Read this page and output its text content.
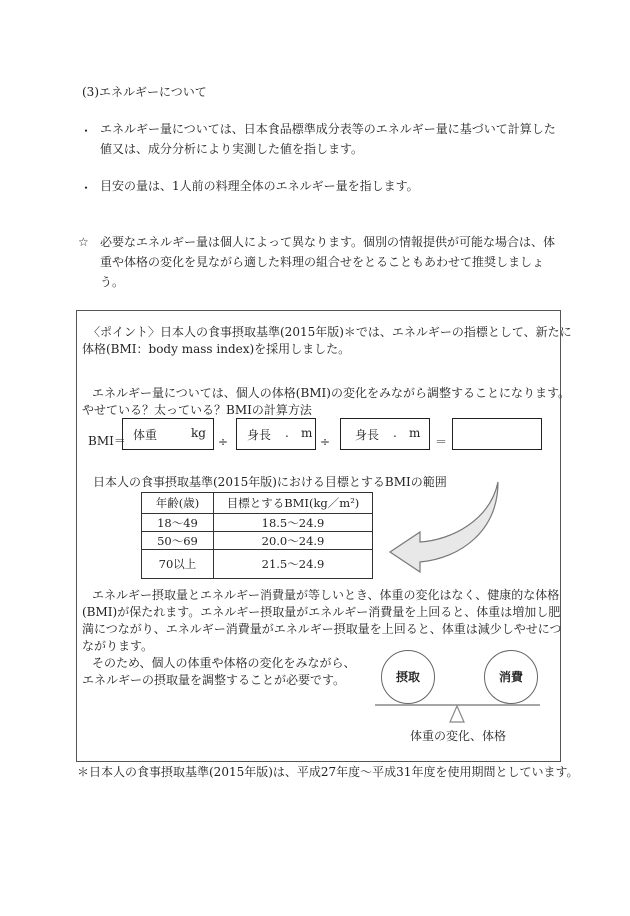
(3)エネルギーについて
・ エネルギー量については、日本食品標準成分表等のエネルギー量に基づいて計算した
値又は、成分分析により実測した値を指します。
・ 目安の量は、1人前の料理全体のエネルギー量を指します。
☆ 必要なエネルギー量は個人によって異なります。個別の情報提供が可能な場合は、体
重や体格の変化を見ながら適した料理の組合せをとることもあわせて推奨しましょ
う。
〈ポイント〉日本人の食事摂取基準(2015年版)＊では、エネルギーの指標として、新たに
体格(BMI：body mass index)を採用しました。
エネルギー量については、個人の体格(BMI)の変化をみながら調整することになります。
やせている？太っている？BMIの計算方法
BMI＝ 体重	kg
÷ 身長 . m
÷ 身長 . m
＝
日本人の食事摂取基準(2015年版)における目標とするBMIの範囲
年齢(歳)	目標とするBMI(kg／m²)
18～49	18.5～24.9
50～69	20.0～24.9
70以上	21.5～24.9
エネルギー摂取量とエネルギー消費量が等しいとき、体重の変化はなく、健康的な体格
(BMI)が保たれます。エネルギー摂取量がエネルギー消費量を上回ると、体重は増加し肥
満につながり、エネルギー消費量がエネルギー摂取量を上回ると、体重は減少しやせにつ
ながります。
そのため、個人の体重や体格の変化をみながら、
エネルギーの摂取量を調整することが必要です。	摂取	消費
体重の変化、体格
＊日本人の食事摂取基準(2015年版)は、平成27年度～平成31年度を使用期間としています。
